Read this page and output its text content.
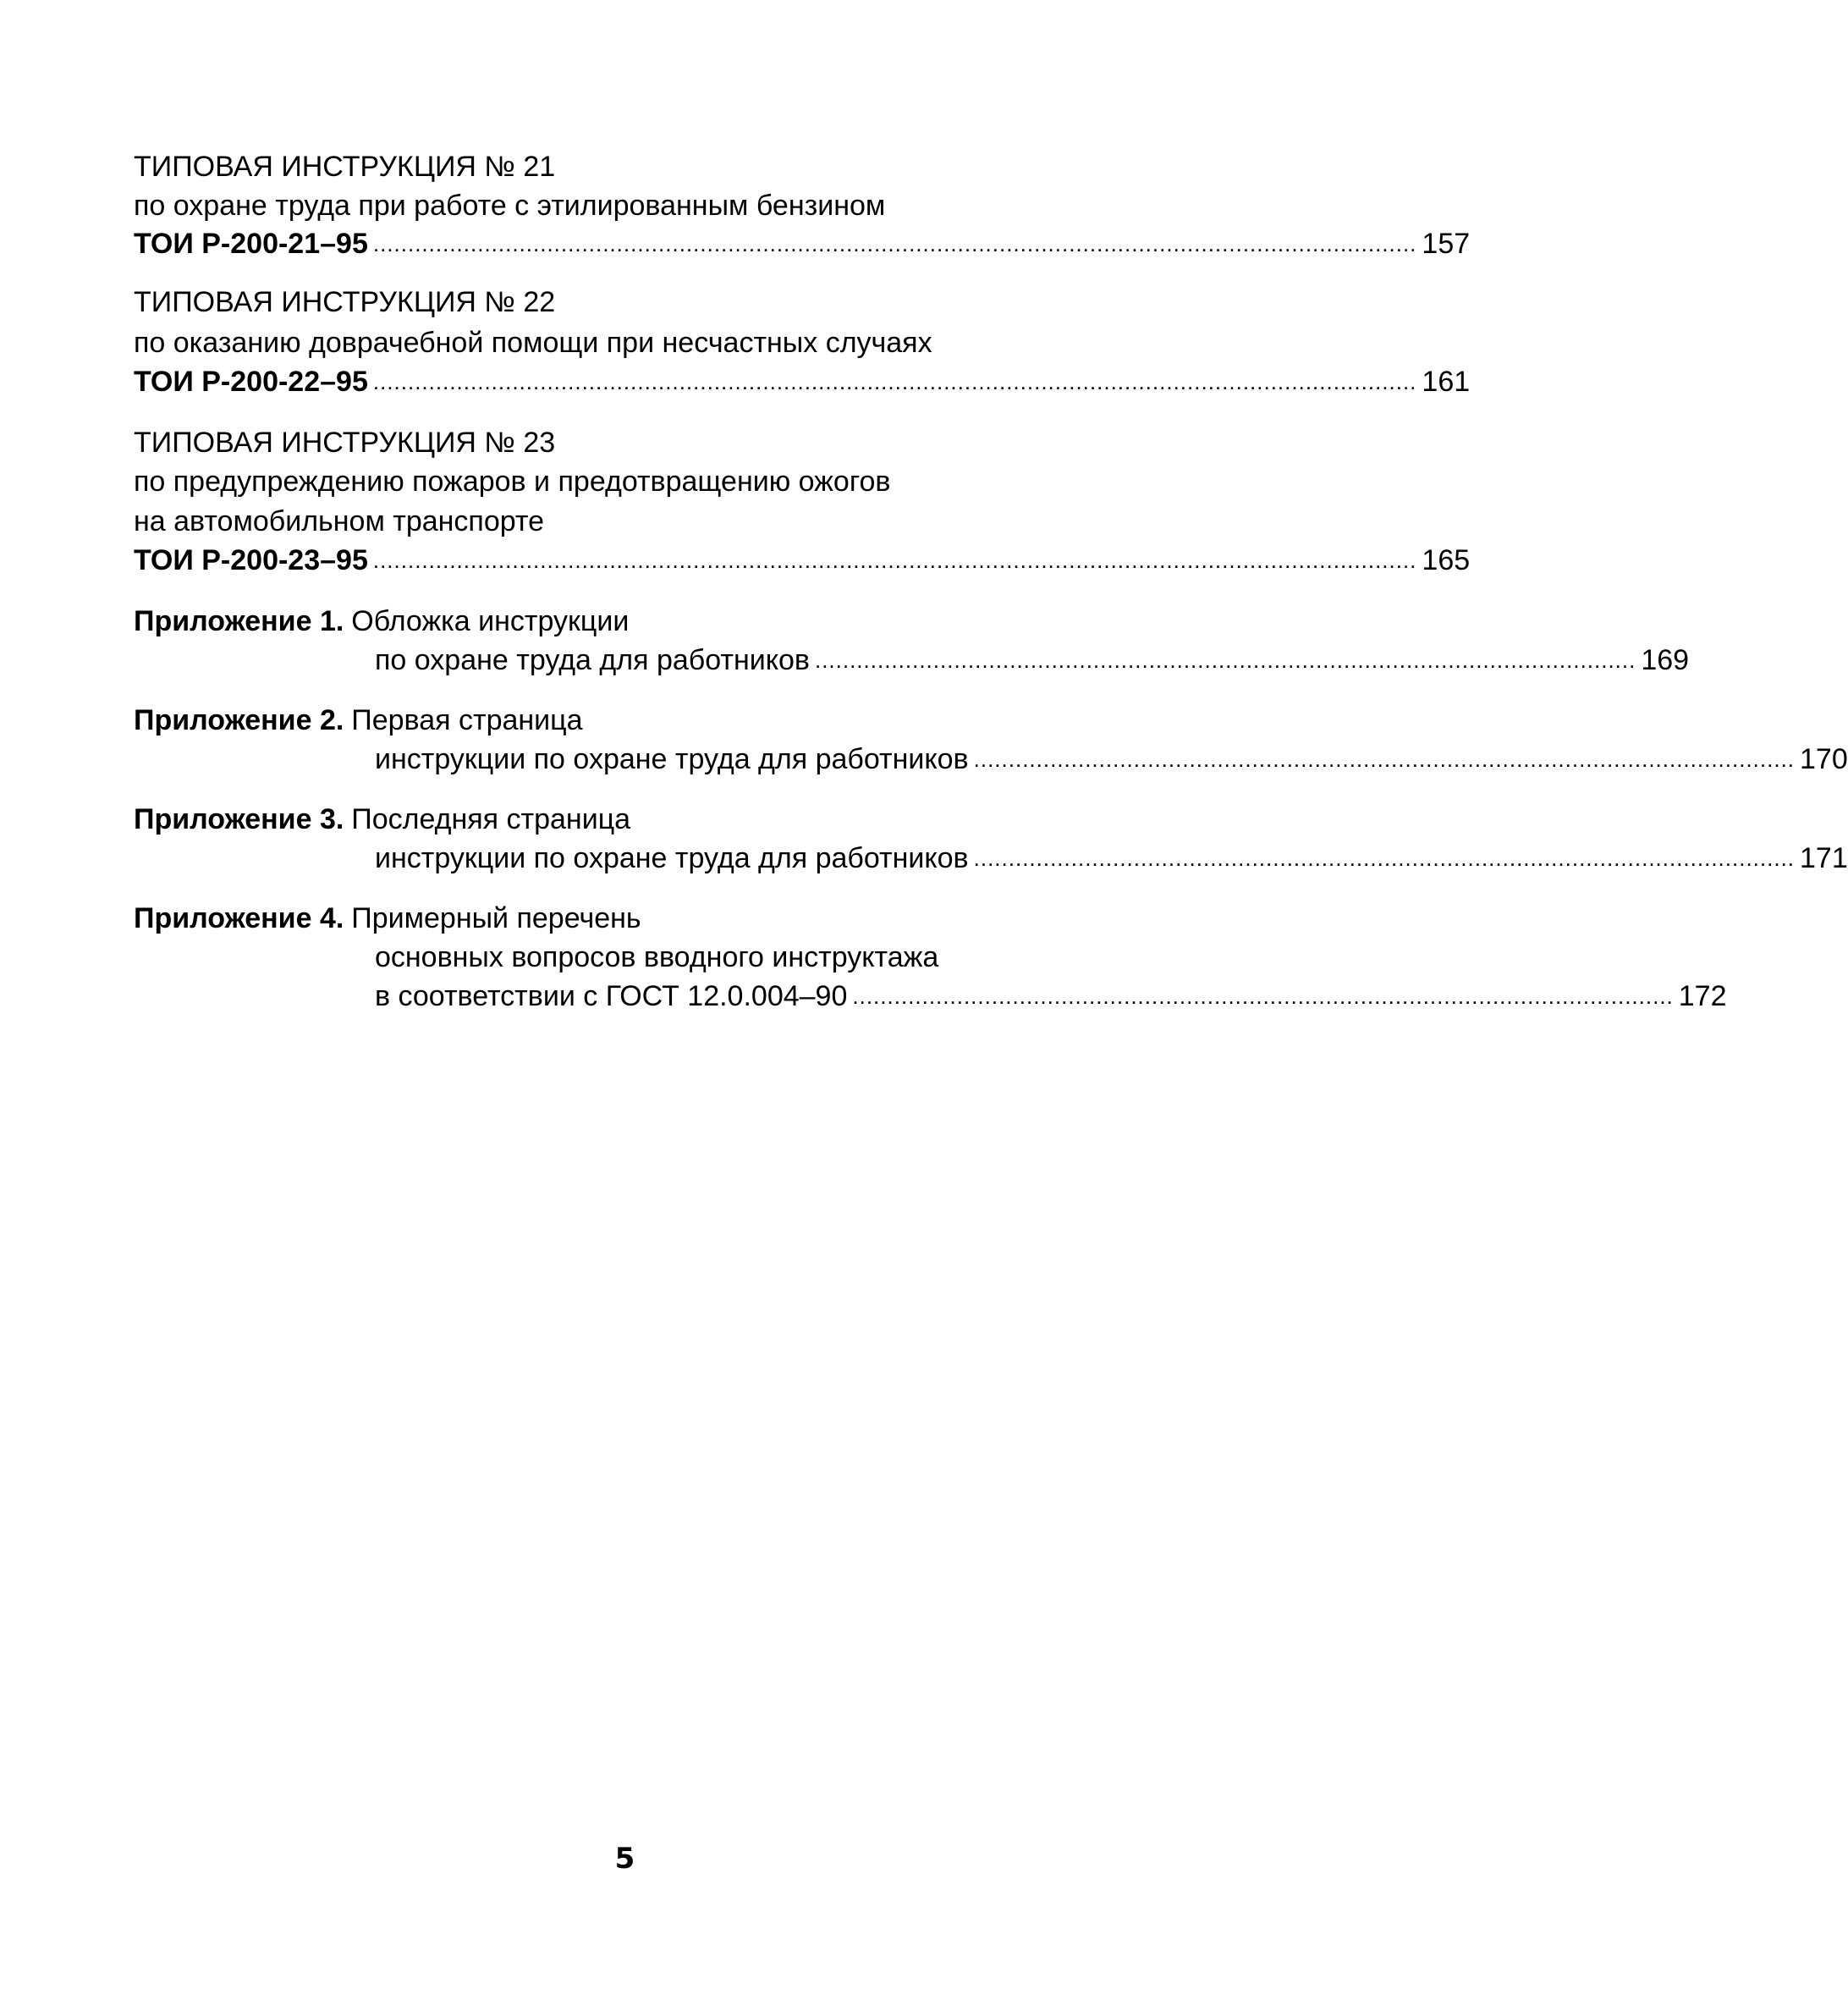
ТИПОВАЯ ИНСТРУКЦИЯ № 21
по охране труда при работе с этилированным бензином
ТОИ Р-200-21–95 ...................................................................................................................................................... 157
ТИПОВАЯ ИНСТРУКЦИЯ № 22
по оказанию доврачебной помощи при несчастных случаях
ТОИ Р-200-22–95 ...................................................................................................................................................... 161
ТИПОВАЯ ИНСТРУКЦИЯ № 23
по предупреждению пожаров и предотвращению ожогов
на автомобильном транспорте
ТОИ Р-200-23–95 ...................................................................................................................................................... 165
Приложение 1. Обложка инструкции
по охране труда для работников ...................................................................................................................... 169
Приложение 2. Первая страница
инструкции по охране труда для работников ...................................................................................................................... 170
Приложение 3. Последняя страница
инструкции по охране труда для работников ...................................................................................................................... 171
Приложение 4. Примерный перечень
основных вопросов вводного инструктажа
в соответствии с ГОСТ 12.0.004–90 ...................................................................................................................... 172
5
